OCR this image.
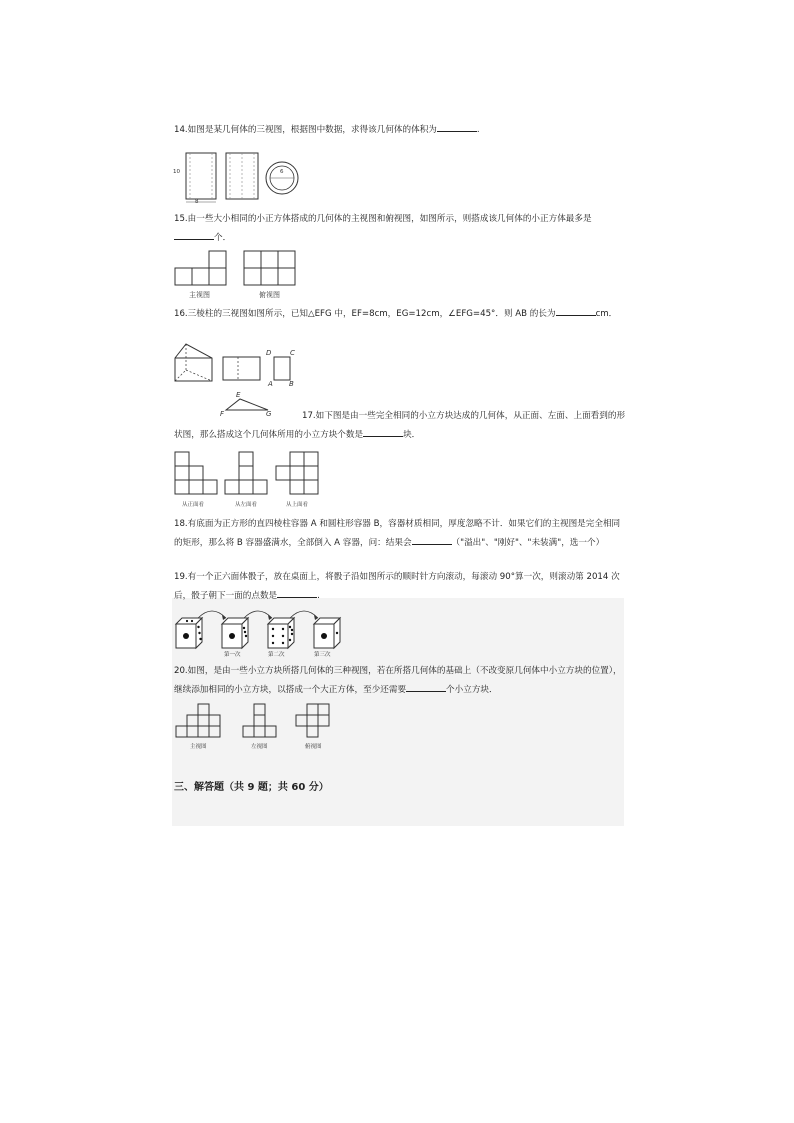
14.如图是某几何体的三视图，根据图中数据，求得该几何体的体积为	.
10
8
6
15.由一些大小相同的小正方体搭成的几何体的主视图和俯视图，如图所示，则搭成该几何体的小正方体最多是个．
主视图	俯视图
16.三棱柱的三视图如图所示，已知△EFG 中，EF=8cm，EG=12cm，∠EFG=45°．则 AB 的长为	cm．
D	C
A B
E
F	G	17.如下图是由一些完全相同的小立方块达成的几何体，从正面、左面、上面看到的形状图，那么搭成这个几何体所用的小立方块个数是	块．
从正面看	从左面看	从上面看
18.有底面为正方形的直四棱柱容器 A 和圆柱形容器 B，容器材质相同，厚度忽略不计．如果它们的主视图是完全相同的矩形，那么将 B 容器盛满水，全部倒入 A 容器，问：结果会	（"溢出"、"刚好"、"未装满"，选一个）
19.有一个正六面体骰子，放在桌面上，将骰子沿如图所示的顺时针方向滚动，每滚动 90°算一次，则滚动第 2014 次后，骰子朝下一面的点数是	.
第一次	第二次	第三次
20.如图，是由一些小立方块所搭几何体的三种视图，若在所搭几何体的基础上（不改变原几何体中小立方块的位置），继续添加相同的小立方块，以搭成一个大正方体，至少还需要	个小立方块．
主视图	左视图	俯视图
三、解答题（共 9 题；共 60 分）
